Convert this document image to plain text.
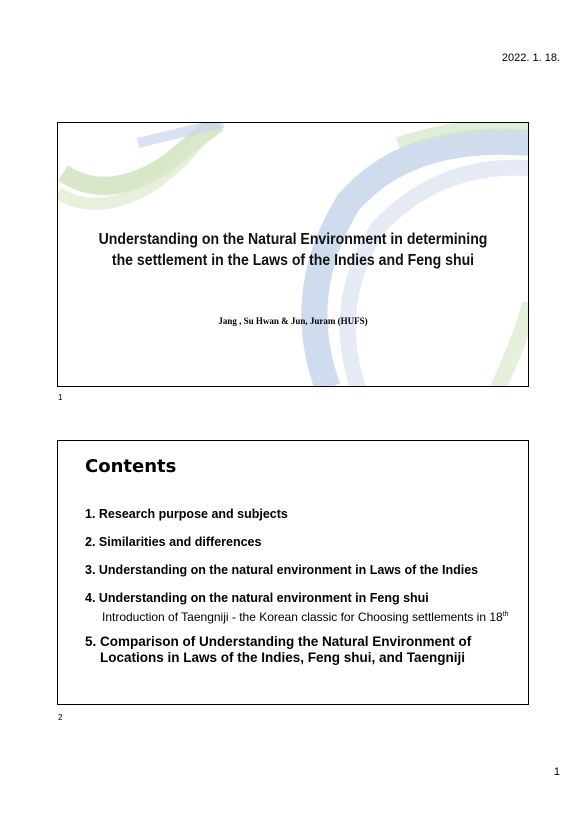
2022. 1. 18.
Understanding on the Natural Environment in determining
the settlement in the Laws of the Indies and Feng shui
Jang , Su Hwan & Jun, Juram (HUFS)
1
Contents
1. Research purpose and subjects
2. Similarities and differences
3. Understanding on the natural environment in Laws of the Indies
4. Understanding on the natural environment in Feng shui
Introduction of Taengniji - the Korean classic for Choosing settlements in 18th
5. Comparison of Understanding the Natural Environment of
Locations in Laws of the Indies, Feng shui, and Taengniji
2
1
